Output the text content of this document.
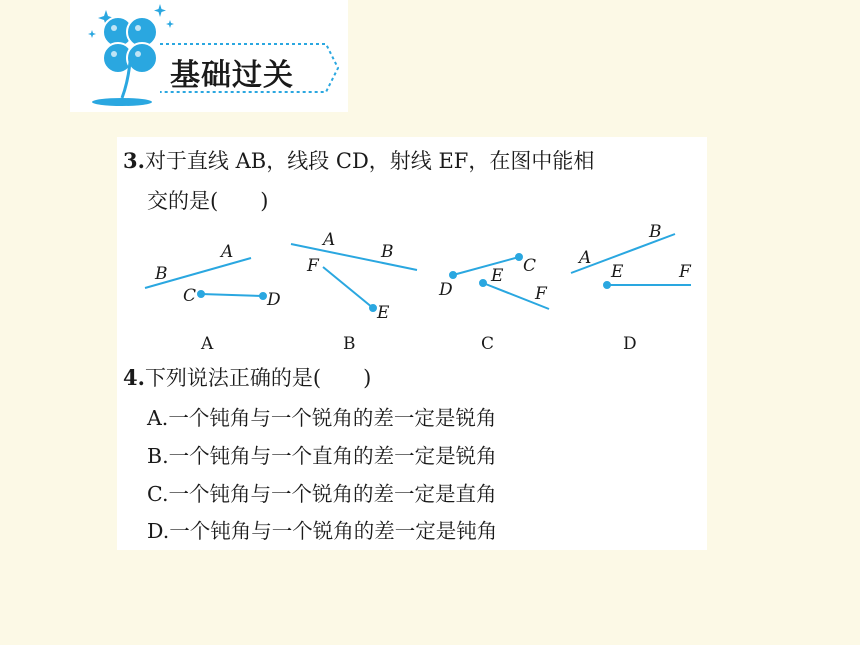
基础过关
3.对于直线 AB，线段 CD，射线 EF，在图中能相
交的是(　　)
B
A
C	D
A
B
F
E
C
D
E
F
A
B
E	F
A	B	C	D
4.下列说法正确的是(　　)
A.一个钝角与一个锐角的差一定是锐角
B.一个钝角与一个直角的差一定是锐角
C.一个钝角与一个锐角的差一定是直角
D.一个钝角与一个锐角的差一定是钝角
